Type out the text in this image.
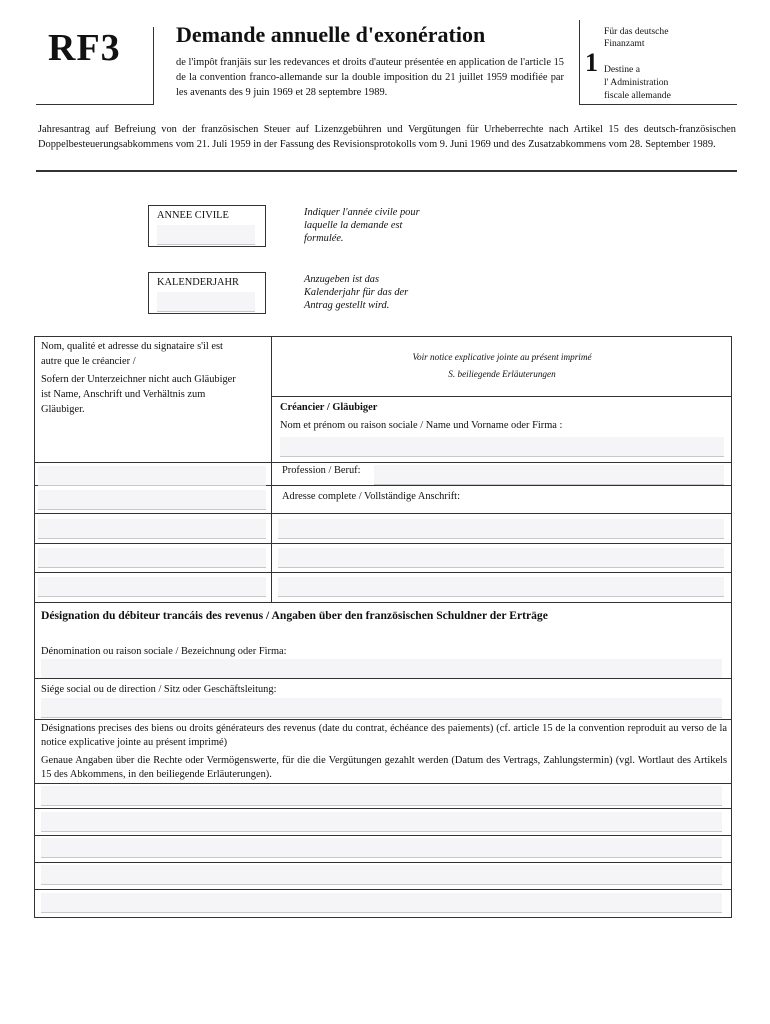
RF3	Demande annuelle d'exonération
de l'impôt franjäis sur les redevances et droits d'auteur présentée en application de l'article 15 de la convention franco-allemande sur la double imposition du 21 juillet 1959 modifiée par les avenants des 9 juin 1969 et 28 septembre 1989.
Für das deutsche
Finanzamt
1 Destine a
l' Administration
fiscale allemande
Jahresantrag auf Befreiung von der französischen Steuer auf Lizenzgebühren und Vergütungen für Urheberrechte nach Artikel 15 des deutsch-französischen Doppelbesteuerungsabkommens vom 21. Juli 1959 in der Fassung des Revisionsprotokolls vom 9. Juni 1969 und des Zusatzabkommens vom 28. September 1989.
ANNEE CIVILE	Indiquer l'année civile pour
laquelle la demande est
formulée.
KALENDERJAHR	Anzugeben ist das
Kalenderjahr für das der
Antrag gestellt wird.
Nom, qualité et adresse du signataire s'il est
autre que le créancier /
Sofern der Unterzeichner nicht auch Gläubiger
ist Name, Anschrift und Verhältnis zum
Gläubiger.
Voir notice explicative jointe au présent imprimé
S. beiliegende Erläuterungen
Créancier / Gläubiger
Nom et prénom ou raison sociale / Name und Vorname oder Firma :
Profession / Beruf:
Adresse complete / Vollständige Anschrift:
Désignation du débiteur trancáis des revenus / Angaben über den französischen Schuldner der Erträge
Dénomination ou raison sociale / Bezeichnung oder Firma:
Siége social ou de direction / Sitz oder Geschäftsleitung:
Désignations precises des biens ou droits générateurs des revenus (date du contrat, échéance des paiements) (cf. article 15 de la convention reproduit au verso de la notice explicative jointe au présent imprimé)
Genaue Angaben über die Rechte oder Vermögenswerte, für die die Vergütungen gezahlt werden (Datum des Vertrags, Zahlungstermin) (vgl. Wortlaut des Artikels 15 des Abkommens, in den beiliegende Erläuterungen).
